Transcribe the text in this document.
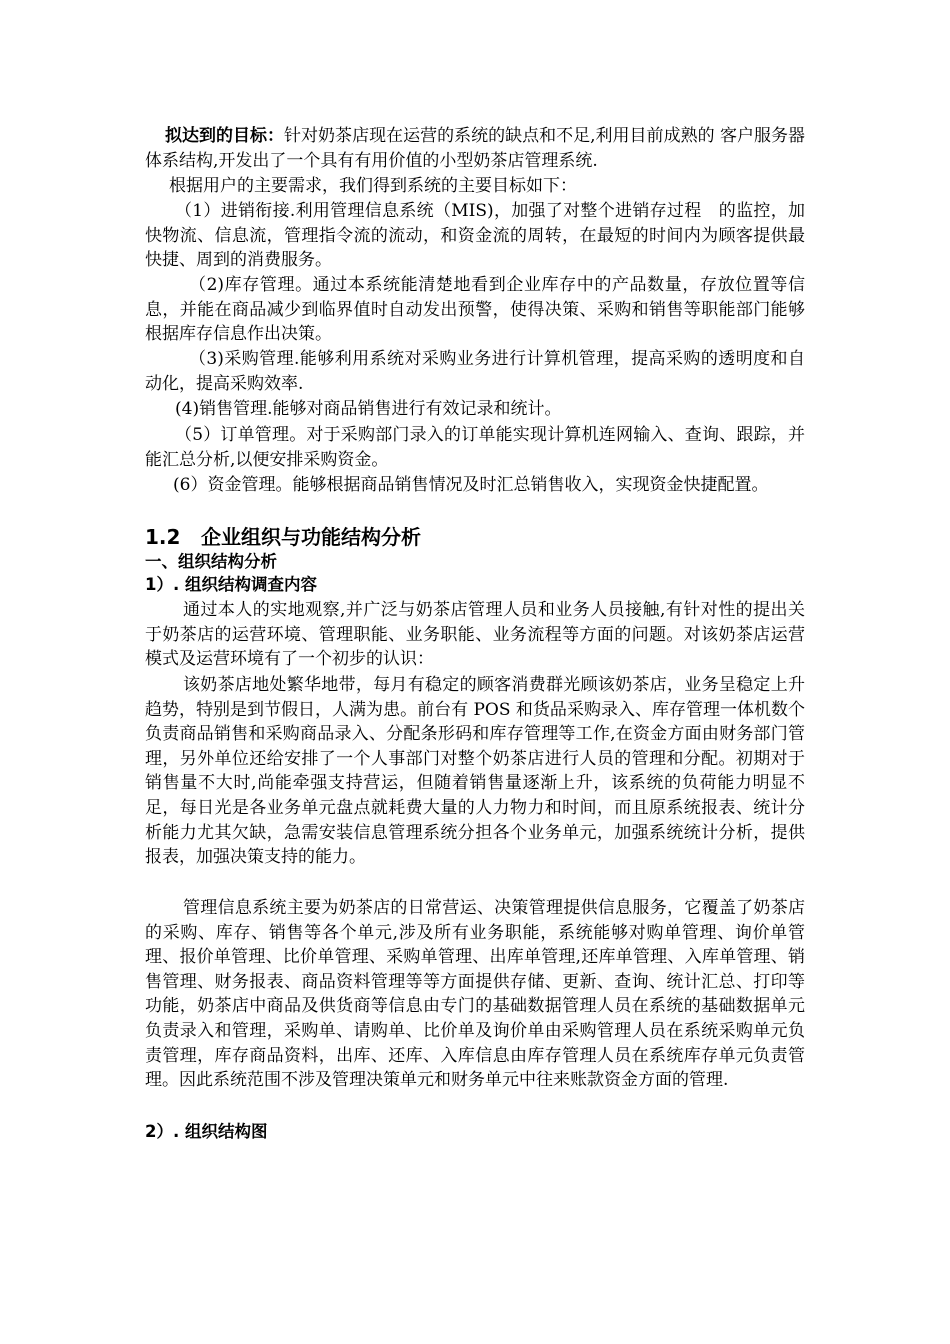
拟达到的目标：针对奶茶店现在运营的系统的缺点和不足,利用目前成熟的 客户服务器体系结构,开发出了一个具有有用价值的小型奶茶店管理系统.

根据用户的主要需求，我们得到系统的主要目标如下：

（1）进销衔接.利用管理信息系统（MIS)，加强了对整个进销存过程　的监控，加快物流、信息流，管理指令流的流动，和资金流的周转，在最短的时间内为顾客提供最快捷、周到的消费服务。

（2)库存管理。通过本系统能清楚地看到企业库存中的产品数量，存放位置等信息，并能在商品减少到临界值时自动发出预警，使得决策、采购和销售等职能部门能够根据库存信息作出决策。

（3)采购管理.能够利用系统对采购业务进行计算机管理，提高采购的透明度和自动化，提高采购效率.

(4)销售管理.能够对商品销售进行有效记录和统计。

（5）订单管理。对于采购部门录入的订单能实现计算机连网输入、查询、跟踪，并能汇总分析,以便安排采购资金。

(6）资金管理。能够根据商品销售情况及时汇总销售收入，实现资金快捷配置。

1.2 企业组织与功能结构分析
一、组织结构分析
1）. 组织结构调查内容

通过本人的实地观察,并广泛与奶茶店管理人员和业务人员接触,有针对性的提出关于奶茶店的运营环境、管理职能、业务职能、业务流程等方面的问题。对该奶茶店运营模式及运营环境有了一个初步的认识：

该奶茶店地处繁华地带，每月有稳定的顾客消费群光顾该奶茶店，业务呈稳定上升趋势，特别是到节假日，人满为患。前台有 POS 和货品采购录入、库存管理一体机数个负责商品销售和采购商品录入、分配条形码和库存管理等工作,在资金方面由财务部门管理，另外单位还给安排了一个人事部门对整个奶茶店进行人员的管理和分配。初期对于销售量不大时,尚能牵强支持营运，但随着销售量逐渐上升，该系统的负荷能力明显不足，每日光是各业务单元盘点就耗费大量的人力物力和时间，而且原系统报表、统计分析能力尤其欠缺，急需安装信息管理系统分担各个业务单元，加强系统统计分析，提供报表，加强决策支持的能力。

管理信息系统主要为奶茶店的日常营运、决策管理提供信息服务，它覆盖了奶茶店的采购、库存、销售等各个单元,涉及所有业务职能，系统能够对购单管理、询价单管理、报价单管理、比价单管理、采购单管理、出库单管理,还库单管理、入库单管理、销售管理、财务报表、商品资料管理等等方面提供存储、更新、查询、统计汇总、打印等功能，奶茶店中商品及供货商等信息由专门的基础数据管理人员在系统的基础数据单元负责录入和管理，采购单、请购单、比价单及询价单由采购管理人员在系统采购单元负责管理，库存商品资料，出库、还库、入库信息由库存管理人员在系统库存单元负责管理。因此系统范围不涉及管理决策单元和财务单元中往来账款资金方面的管理.

2）. 组织结构图
